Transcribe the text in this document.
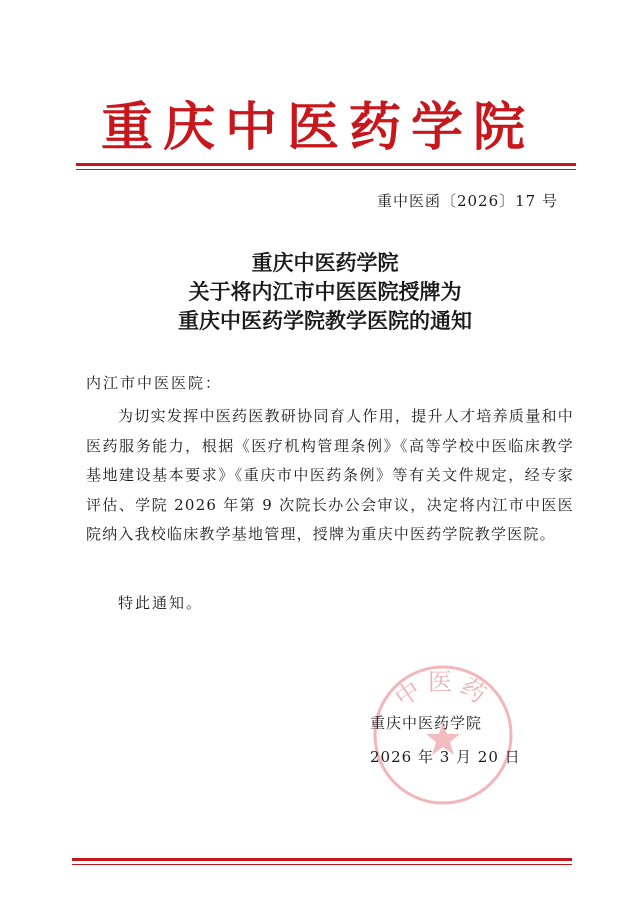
重庆中医药学院
重中医函〔2026〕17 号
重庆中医药学院
关于将内江市中医医院授牌为
重庆中医药学院教学医院的通知
内江市中医医院：

为切实发挥中医药医教研协同育人作用，提升人才培养质量和中医药服务能力，根据《医疗机构管理条例》《高等学校中医临床教学基地建设基本要求》《重庆市中医药条例》等有关文件规定，经专家评估、学院 2026 年第 9 次院长办公会审议，决定将内江市中医医院纳入我校临床教学基地管理，授牌为重庆中医药学院教学医院。

特此通知。
中医药
重庆中医药学院
2026 年 3 月 20 日
